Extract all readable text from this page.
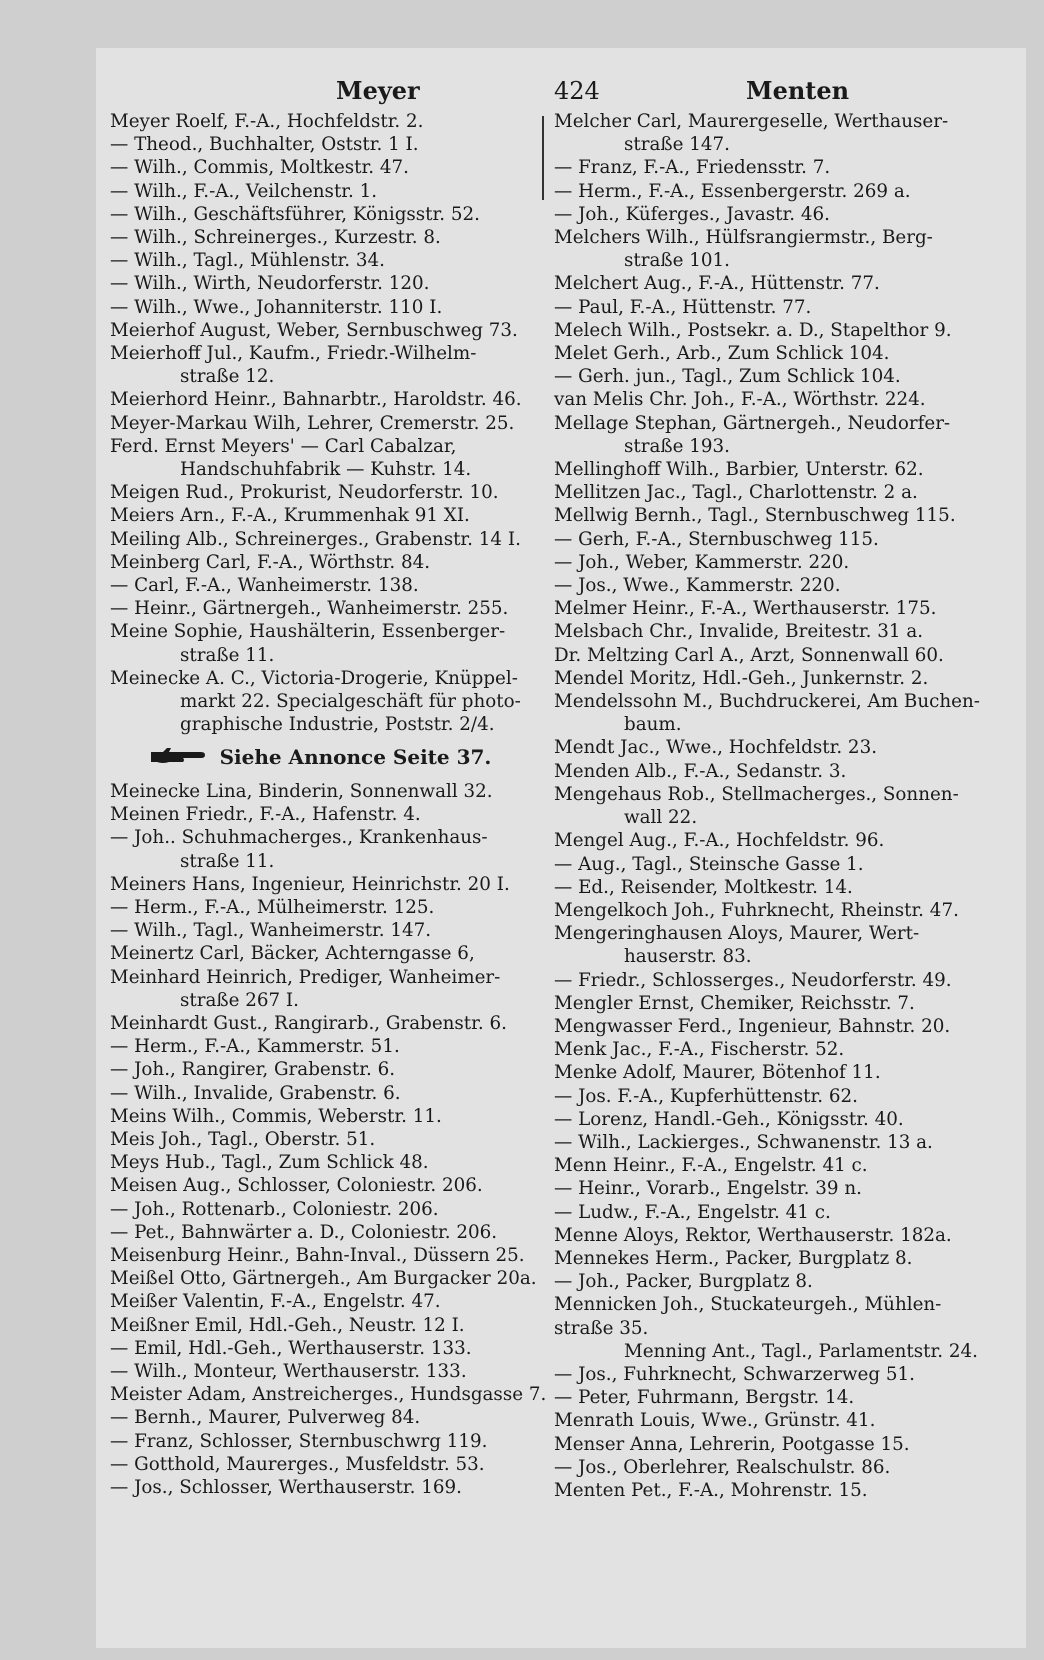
Meyer	424	Menten
Meyer Roelf, F.-A., Hochfeldstr. 2.
— Theod., Buchhalter, Oststr. 1 I.
— Wilh., Commis, Moltkestr. 47.
— Wilh., F.-A., Veilchenstr. 1.
— Wilh., Geschäftsführer, Königsstr. 52.
— Wilh., Schreinerges., Kurzestr. 8.
— Wilh., Tagl., Mühlenstr. 34.
— Wilh., Wirth, Neudorferstr. 120.
— Wilh., Wwe., Johanniterstr. 110 I.
Meierhof August, Weber, Sernbuschweg 73.
Meierhoff Jul., Kaufm., Friedr.-Wilhelm-
straße 12.
Meierhord Heinr., Bahnarbtr., Haroldstr. 46.
Meyer-Markau Wilh, Lehrer, Cremerstr. 25.
Ferd. Ernst Meyers' — Carl Cabalzar,
Handschuhfabrik — Kuhstr. 14.
Meigen Rud., Prokurist, Neudorferstr. 10.
Meiers Arn., F.-A., Krummenhak 91 XI.
Meiling Alb., Schreinerges., Grabenstr. 14 I.
Meinberg Carl, F.-A., Wörthstr. 84.
— Carl, F.-A., Wanheimerstr. 138.
— Heinr., Gärtnergeh., Wanheimerstr. 255.
Meine Sophie, Haushälterin, Essenberger-
straße 11.
Meinecke A. C., Victoria-Drogerie, Knüppel-
markt 22. Specialgeschäft für photo-
graphische Industrie, Poststr. 2/4.
Siehe Annonce Seite 37.
Meinecke Lina, Binderin, Sonnenwall 32.
Meinen Friedr., F.-A., Hafenstr. 4.
— Joh.. Schuhmacherges., Krankenhaus-
straße 11.
Meiners Hans, Ingenieur, Heinrichstr. 20 I.
— Herm., F.-A., Mülheimerstr. 125.
— Wilh., Tagl., Wanheimerstr. 147.
Meinertz Carl, Bäcker, Achterngasse 6,
Meinhard Heinrich, Prediger, Wanheimer-
straße 267 I.
Meinhardt Gust., Rangirarb., Grabenstr. 6.
— Herm., F.-A., Kammerstr. 51.
— Joh., Rangirer, Grabenstr. 6.
— Wilh., Invalide, Grabenstr. 6.
Meins Wilh., Commis, Weberstr. 11.
Meis Joh., Tagl., Oberstr. 51.
Meys Hub., Tagl., Zum Schlick 48.
Meisen Aug., Schlosser, Coloniestr. 206.
— Joh., Rottenarb., Coloniestr. 206.
— Pet., Bahnwärter a. D., Coloniestr. 206.
Meisenburg Heinr., Bahn-Inval., Düssern 25.
Meißel Otto, Gärtnergeh., Am Burgacker 20a.
Meißer Valentin, F.-A., Engelstr. 47.
Meißner Emil, Hdl.-Geh., Neustr. 12 I.
— Emil, Hdl.-Geh., Werthauserstr. 133.
— Wilh., Monteur, Werthauserstr. 133.
Meister Adam, Anstreicherges., Hundsgasse 7.
— Bernh., Maurer, Pulverweg 84.
— Franz, Schlosser, Sternbuschwrg 119.
— Gotthold, Maurerges., Musfeldstr. 53.
— Jos., Schlosser, Werthauserstr. 169.
Melcher Carl, Maurergeselle, Werthauser-
straße 147.
— Franz, F.-A., Friedensstr. 7.
— Herm., F.-A., Essenbergerstr. 269 a.
— Joh., Küferges., Javastr. 46.
Melchers Wilh., Hülfsrangiermstr., Berg-
straße 101.
Melchert Aug., F.-A., Hüttenstr. 77.
— Paul, F.-A., Hüttenstr. 77.
Melech Wilh., Postsekr. a. D., Stapelthor 9.
Melet Gerh., Arb., Zum Schlick 104.
— Gerh. jun., Tagl., Zum Schlick 104.
van Melis Chr. Joh., F.-A., Wörthstr. 224.
Mellage Stephan, Gärtnergeh., Neudorfer-
straße 193.
Mellinghoff Wilh., Barbier, Unterstr. 62.
Mellitzen Jac., Tagl., Charlottenstr. 2 a.
Mellwig Bernh., Tagl., Sternbuschweg 115.
— Gerh, F.-A., Sternbuschweg 115.
— Joh., Weber, Kammerstr. 220.
— Jos., Wwe., Kammerstr. 220.
Melmer Heinr., F.-A., Werthauserstr. 175.
Melsbach Chr., Invalide, Breitestr. 31 a.
Dr. Meltzing Carl A., Arzt, Sonnenwall 60.
Mendel Moritz, Hdl.-Geh., Junkernstr. 2.
Mendelssohn M., Buchdruckerei, Am Buchen-
baum.
Mendt Jac., Wwe., Hochfeldstr. 23.
Menden Alb., F.-A., Sedanstr. 3.
Mengehaus Rob., Stellmacherges., Sonnen-
wall 22.
Mengel Aug., F.-A., Hochfeldstr. 96.
— Aug., Tagl., Steinsche Gasse 1.
— Ed., Reisender, Moltkestr. 14.
Mengelkoch Joh., Fuhrknecht, Rheinstr. 47.
Mengeringhausen Aloys, Maurer, Wert-
hauserstr. 83.
— Friedr., Schlosserges., Neudorferstr. 49.
Mengler Ernst, Chemiker, Reichsstr. 7.
Mengwasser Ferd., Ingenieur, Bahnstr. 20.
Menk Jac., F.-A., Fischerstr. 52.
Menke Adolf, Maurer, Bötenhof 11.
— Jos. F.-A., Kupferhüttenstr. 62.
— Lorenz, Handl.-Geh., Königsstr. 40.
— Wilh., Lackierges., Schwanenstr. 13 a.
Menn Heinr., F.-A., Engelstr. 41 c.
— Heinr., Vorarb., Engelstr. 39 n.
— Ludw., F.-A., Engelstr. 41 c.
Menne Aloys, Rektor, Werthauserstr. 182a.
Mennekes Herm., Packer, Burgplatz 8.
— Joh., Packer, Burgplatz 8.
Mennicken Joh., Stuckateurgeh., Mühlen-
straße 35.
Menning Ant., Tagl., Parlamentstr. 24.
— Jos., Fuhrknecht, Schwarzerweg 51.
— Peter, Fuhrmann, Bergstr. 14.
Menrath Louis, Wwe., Grünstr. 41.
Menser Anna, Lehrerin, Pootgasse 15.
— Jos., Oberlehrer, Realschulstr. 86.
Menten Pet., F.-A., Mohrenstr. 15.
